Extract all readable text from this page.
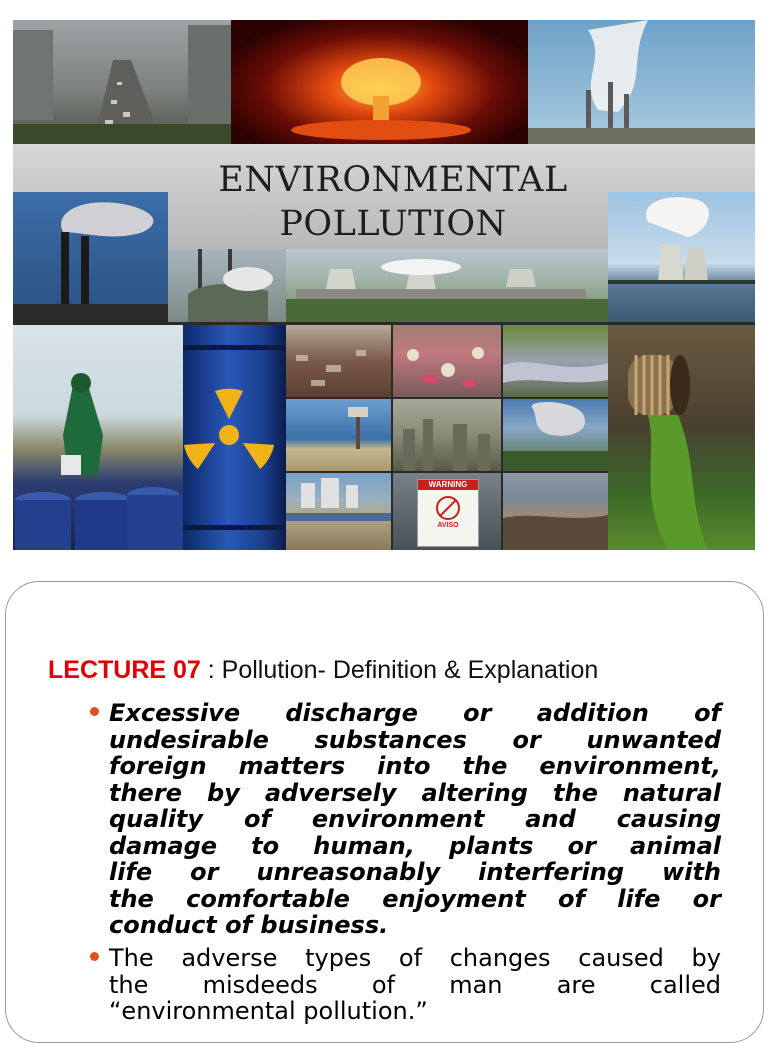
ENVIRONMENTAL
POLLUTION
WARNING
AVISO
LECTURE 07 : Pollution- Definition & Explanation
Excessive discharge or addition of
undesirable substances or unwanted
foreign matters into the environment,
there by adversely altering the natural
quality of environment and causing
damage to human, plants or animal
life or unreasonably interfering with
the comfortable enjoyment of life or
conduct of business.
The adverse types of changes caused by
the misdeeds of man are called
“environmental pollution.”
